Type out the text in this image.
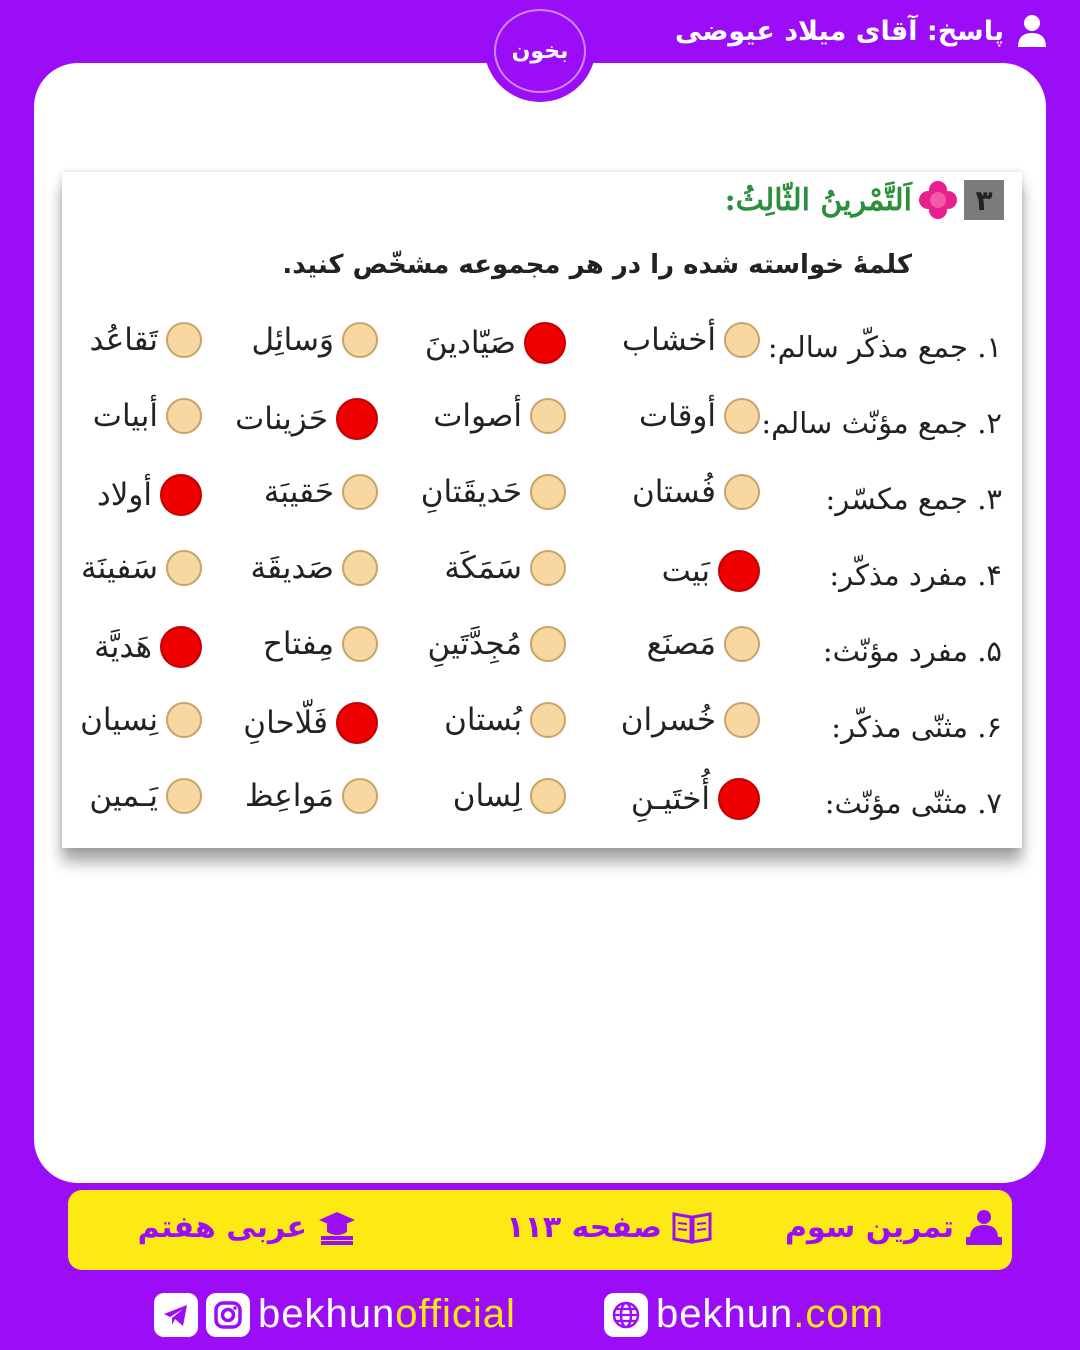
پاسخ: آقای میلاد عیوضی
بخون
۳
اَلتَّمْرینُ الثّالِثُ:
کلمهٔ خواسته شده را در هر مجموعه مشخّص کنید.
۱. جمع مذکّر سالم:
أخشاب
صَیّادینَ
وَسائِل
تَقاعُد
۲. جمع مؤنّث سالم:
أوقات
أصوات
حَزینات
أبیات
۳. جمع مکسّر:
فُستان
حَدیقَتانِ
حَقیبَة
أولاد
۴. مفرد مذکّر:
بَیت
سَمَکَة
صَدیقَة
سَفینَة
۵. مفرد مؤنّث:
مَصنَع
مُجِدَّتَینِ
مِفتاح
هَدیَّة
۶. مثنّی مذکّر:
خُسران
بُستان
فَلّاحانِ
نِسیان
۷. مثنّی مؤنّث:
أُختَیـنِ
لِسان
مَواعِظ
یَـمین
تمرین سوم
صفحه ۱۱۳
عربی هفتم
bekhunofficial	bekhun.com
